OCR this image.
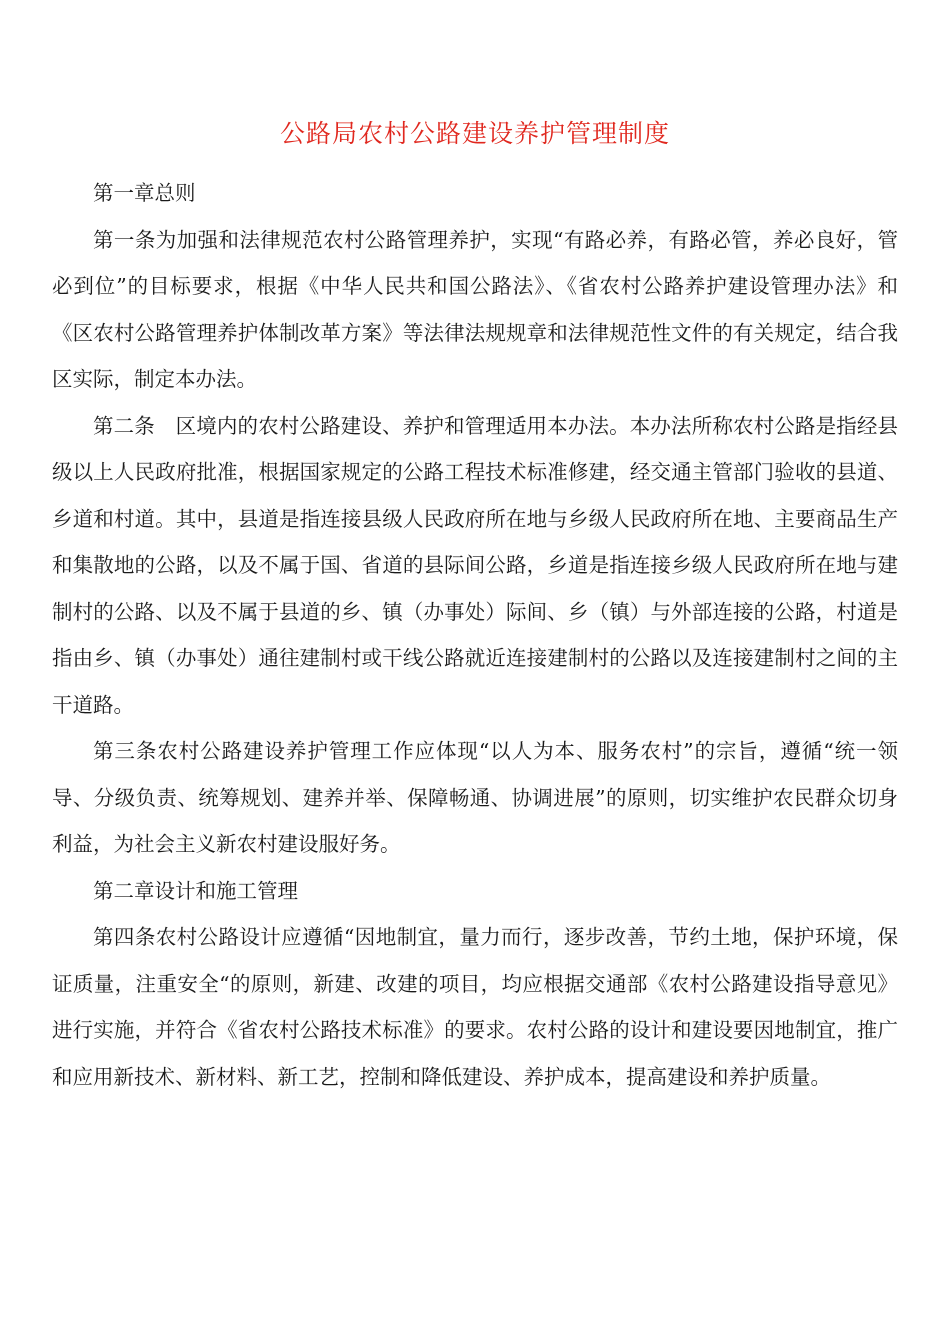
公路局农村公路建设养护管理制度

第一章总则

第一条为加强和法律规范农村公路管理养护，实现“有路必养，有路必管，养必良好，管必到位”的目标要求，根据《中华人民共和国公路法》、《省农村公路养护建设管理办法》和《区农村公路管理养护体制改革方案》等法律法规规章和法律规范性文件的有关规定，结合我区实际，制定本办法。

第二条　区境内的农村公路建设、养护和管理适用本办法。本办法所称农村公路是指经县级以上人民政府批准，根据国家规定的公路工程技术标准修建，经交通主管部门验收的县道、乡道和村道。其中，县道是指连接县级人民政府所在地与乡级人民政府所在地、主要商品生产和集散地的公路，以及不属于国、省道的县际间公路，乡道是指连接乡级人民政府所在地与建制村的公路、以及不属于县道的乡、镇（办事处）际间、乡（镇）与外部连接的公路，村道是指由乡、镇（办事处）通往建制村或干线公路就近连接建制村的公路以及连接建制村之间的主干道路。

第三条农村公路建设养护管理工作应体现“以人为本、服务农村”的宗旨，遵循“统一领导、分级负责、统筹规划、建养并举、保障畅通、协调进展”的原则，切实维护农民群众切身利益，为社会主义新农村建设服好务。

第二章设计和施工管理

第四条农村公路设计应遵循“因地制宜，量力而行，逐步改善，节约土地，保护环境，保证质量，注重安全“的原则，新建、改建的项目，均应根据交通部《农村公路建设指导意见》进行实施，并符合《省农村公路技术标准》的要求。农村公路的设计和建设要因地制宜，推广和应用新技术、新材料、新工艺，控制和降低建设、养护成本，提高建设和养护质量。
